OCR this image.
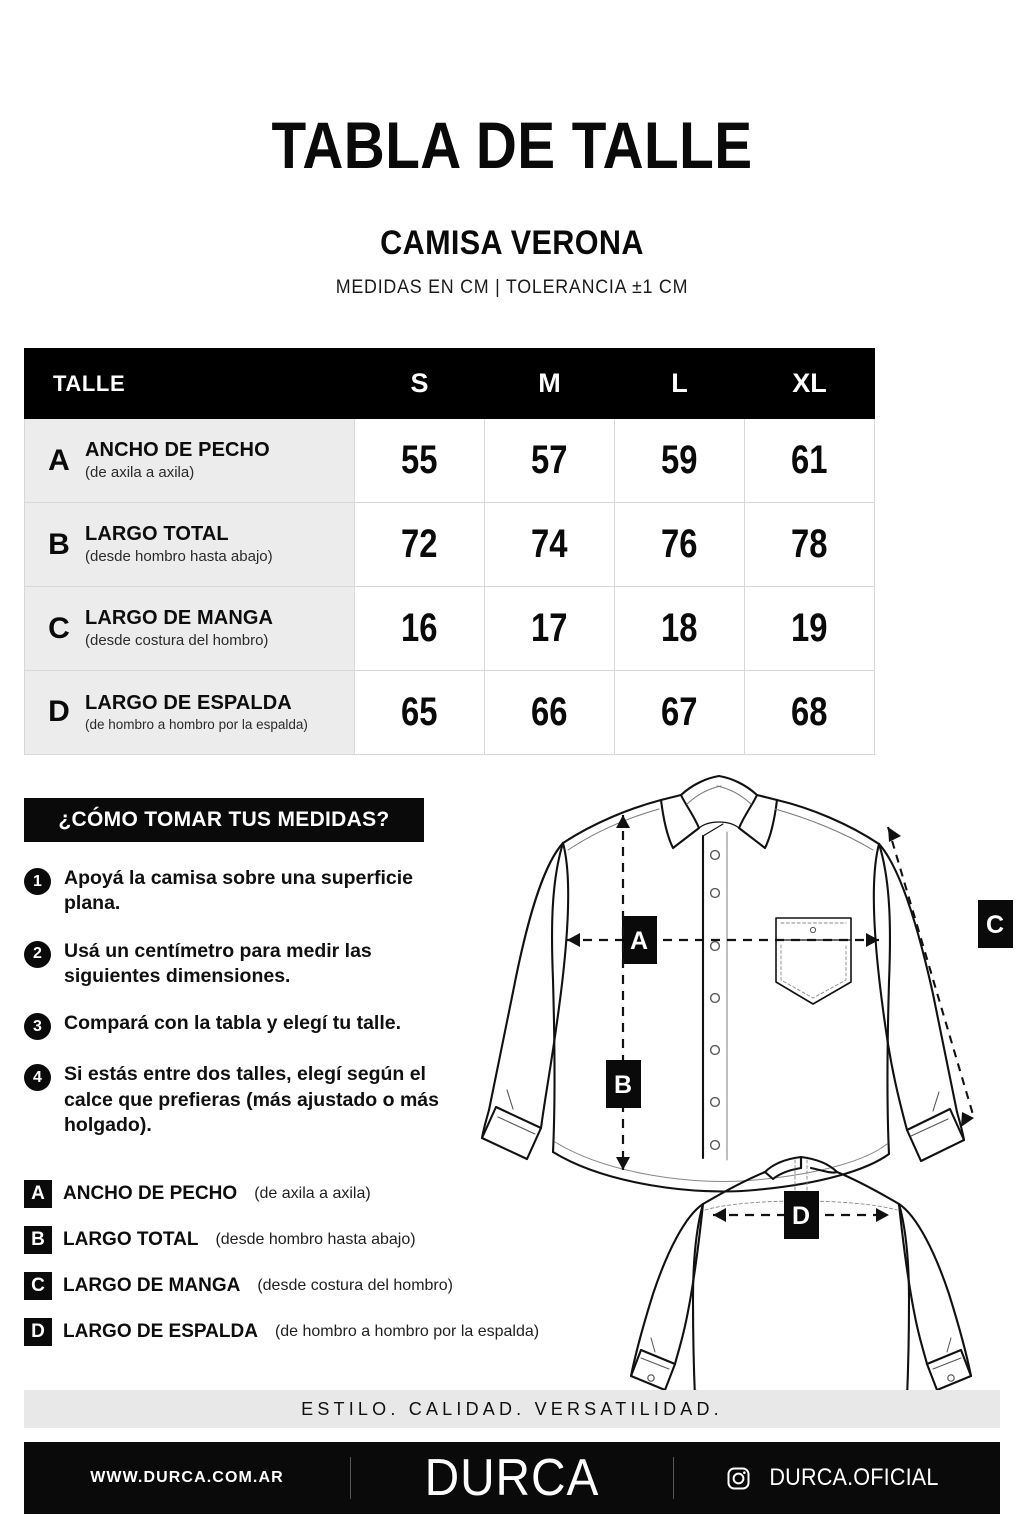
TABLA DE TALLE
CAMISA VERONA
MEDIDAS EN CM | TOLERANCIA ±1 CM
TALLE	S	M	L	XL

A ANCHO DE PECHO
(de axila a axila)	55	57	59	61

B LARGO TOTAL
(desde hombro hasta abajo)	72	74	76	78

C LARGO DE MANGA
(desde costura del hombro)	16	17	18	19

D LARGO DE ESPALDA
(de hombro a hombro por la espalda)	65	66	67	68
¿CÓMO TOMAR TUS MEDIDAS?
1	Apoyá la camisa sobre una superficie plana.
2	Usá un centímetro para medir las siguientes dimensiones.
3	Compará con la tabla y elegí tu talle.
4	Si estás entre dos talles, elegí según el calce que prefieras (más ajustado o más holgado).
A ANCHO DE PECHO (de axila a axila)
B LARGO TOTAL (desde hombro hasta abajo)
C LARGO DE MANGA (desde costura del hombro)
D LARGO DE ESPALDA (de hombro a hombro por la espalda)
A
B
C
D
ESTILO. CALIDAD. VERSATILIDAD.
WWW.DURCA.COM.AR	DURCA	DURCA.OFICIAL
